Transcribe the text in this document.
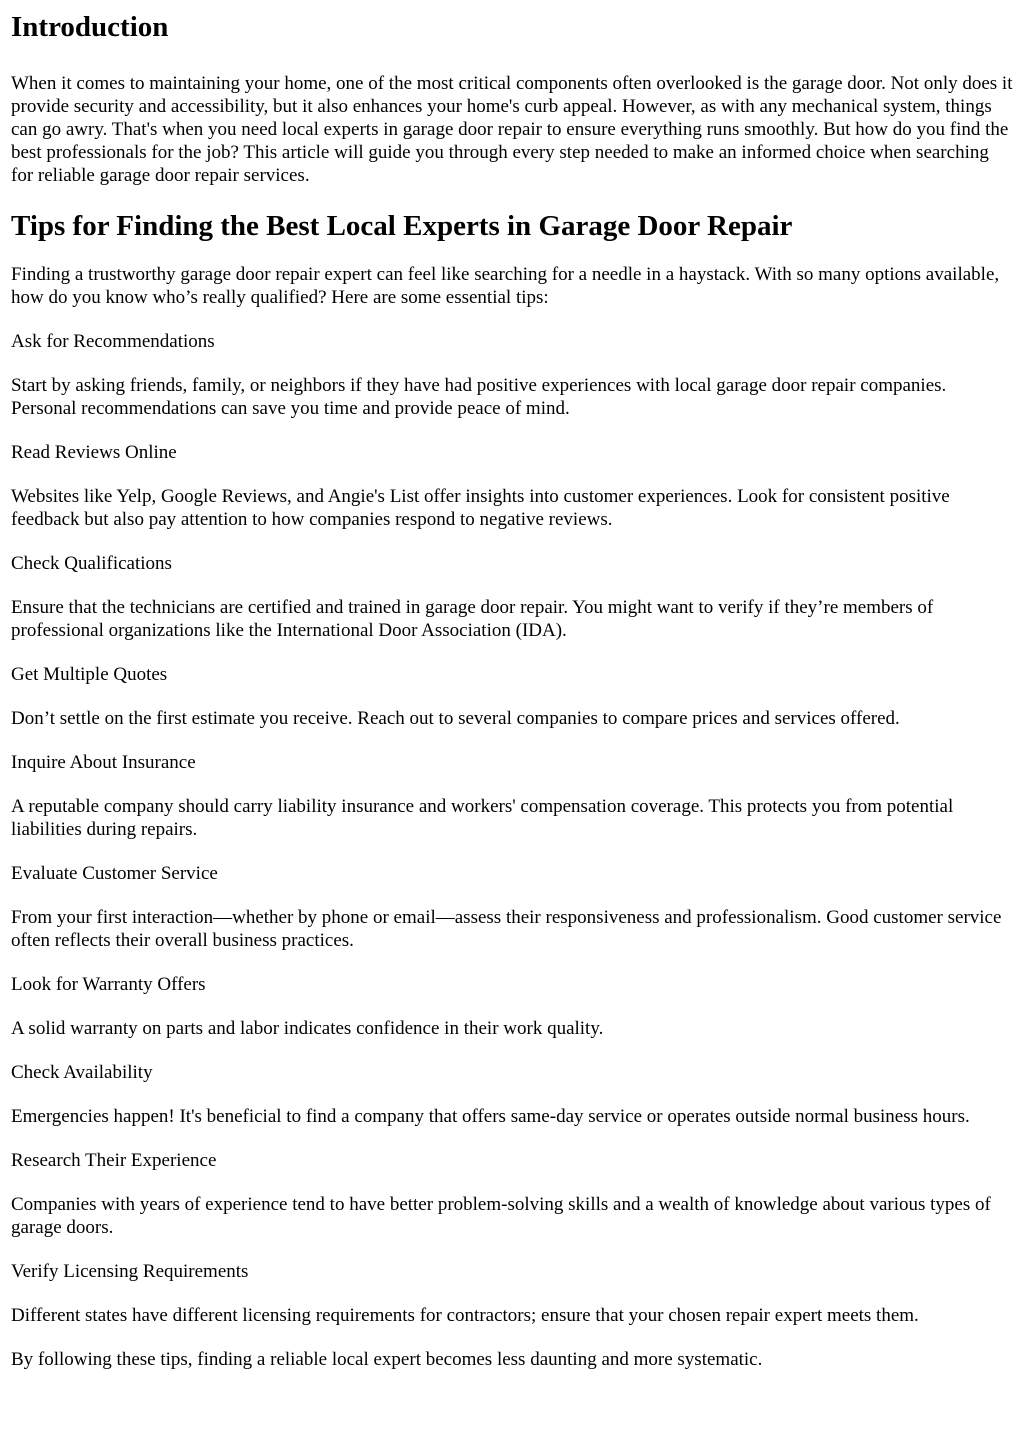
Introduction

When it comes to maintaining your home, one of the most critical components often overlooked is the garage door. Not only does it provide security and accessibility, but it also enhances your home's curb appeal. However, as with any mechanical system, things can go awry. That's when you need local experts in garage door repair to ensure everything runs smoothly. But how do you find the best professionals for the job? This article will guide you through every step needed to make an informed choice when searching for reliable garage door repair services.

Tips for Finding the Best Local Experts in Garage Door Repair

Finding a trustworthy garage door repair expert can feel like searching for a needle in a haystack. With so many options available, how do you know who’s really qualified? Here are some essential tips:

Ask for Recommendations

Start by asking friends, family, or neighbors if they have had positive experiences with local garage door repair companies. Personal recommendations can save you time and provide peace of mind.

Read Reviews Online

Websites like Yelp, Google Reviews, and Angie's List offer insights into customer experiences. Look for consistent positive feedback but also pay attention to how companies respond to negative reviews.

Check Qualifications

Ensure that the technicians are certified and trained in garage door repair. You might want to verify if they’re members of professional organizations like the International Door Association (IDA).

Get Multiple Quotes

Don’t settle on the first estimate you receive. Reach out to several companies to compare prices and services offered.

Inquire About Insurance

A reputable company should carry liability insurance and workers' compensation coverage. This protects you from potential liabilities during repairs.

Evaluate Customer Service

From your first interaction—whether by phone or email—assess their responsiveness and professionalism. Good customer service often reflects their overall business practices.

Look for Warranty Offers

A solid warranty on parts and labor indicates confidence in their work quality.

Check Availability

Emergencies happen! It's beneficial to find a company that offers same-day service or operates outside normal business hours.

Research Their Experience

Companies with years of experience tend to have better problem-solving skills and a wealth of knowledge about various types of garage doors.

Verify Licensing Requirements

Different states have different licensing requirements for contractors; ensure that your chosen repair expert meets them.

By following these tips, finding a reliable local expert becomes less daunting and more systematic.
